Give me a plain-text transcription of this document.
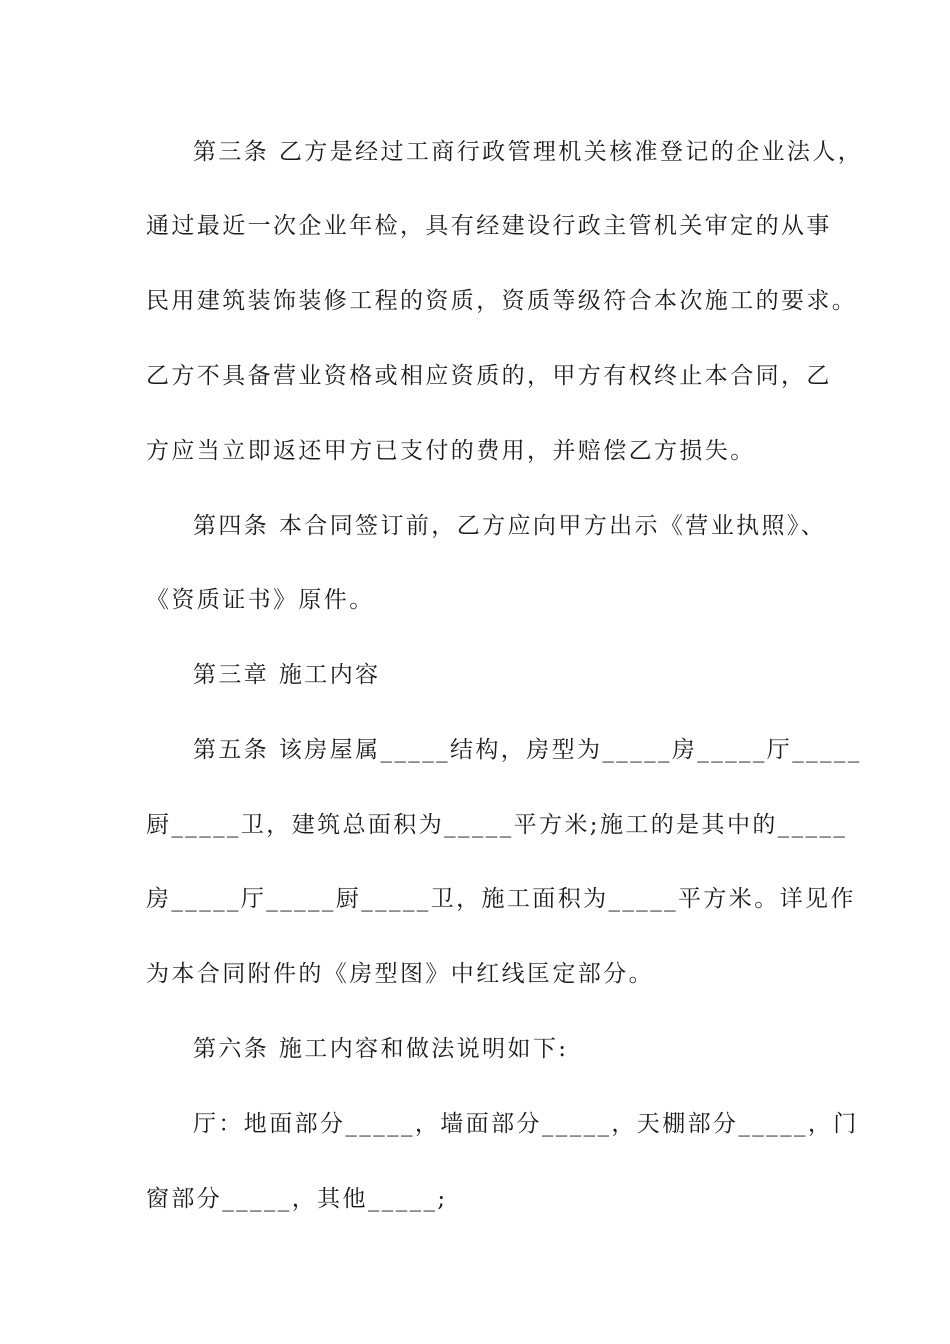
第三条 乙方是经过工商行政管理机关核准登记的企业法人，
通过最近一次企业年检，具有经建设行政主管机关审定的从事
民用建筑装饰装修工程的资质，资质等级符合本次施工的要求。
乙方不具备营业资格或相应资质的，甲方有权终止本合同，乙
方应当立即返还甲方已支付的费用，并赔偿乙方损失。
第四条 本合同签订前，乙方应向甲方出示《营业执照》、
《资质证书》原件。
第三章 施工内容
第五条 该房屋属_____结构，房型为_____房_____厅_____
厨_____卫，建筑总面积为_____平方米;施工的是其中的_____
房_____厅_____厨_____卫，施工面积为_____平方米。详见作
为本合同附件的《房型图》中红线匡定部分。
第六条 施工内容和做法说明如下:
厅：地面部分_____，墙面部分_____，天棚部分_____，门
窗部分_____，其他_____;
